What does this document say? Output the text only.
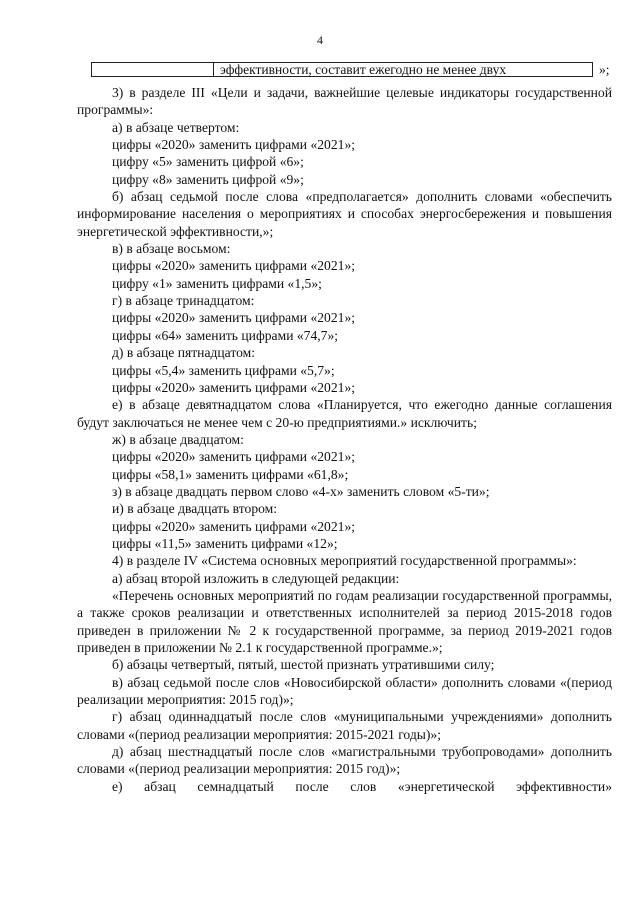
4
эффективности, составит ежегодно не менее двух	»;

3) в разделе III «Цели и задачи, важнейшие целевые индикаторы государственной программы»:

а) в абзаце четвертом:

цифры «2020» заменить цифрами «2021»;

цифру «5» заменить цифрой «6»;

цифру «8» заменить цифрой «9»;

б) абзац седьмой после слова «предполагается» дополнить словами «обеспечить информирование населения о мероприятиях и способах энергосбережения и повышения энергетической эффективности,»;

в) в абзаце восьмом:

цифры «2020» заменить цифрами «2021»;

цифру «1» заменить цифрами «1,5»;

г) в абзаце тринадцатом:

цифры «2020» заменить цифрами «2021»;

цифры «64» заменить цифрами «74,7»;

д) в абзаце пятнадцатом:

цифры «5,4» заменить цифрами «5,7»;

цифры «2020» заменить цифрами «2021»;

е) в абзаце девятнадцатом слова «Планируется, что ежегодно данные соглашения будут заключаться не менее чем с 20-ю предприятиями.» исключить;

ж) в абзаце двадцатом:

цифры «2020» заменить цифрами «2021»;

цифры «58,1» заменить цифрами «61,8»;

з) в абзаце двадцать первом слово «4-х» заменить словом «5-ти»;

и) в абзаце двадцать втором:

цифры «2020» заменить цифрами «2021»;

цифры «11,5» заменить цифрами «12»;

4) в разделе IV «Система основных мероприятий государственной программы»:

а) абзац второй изложить в следующей редакции:

«Перечень основных мероприятий по годам реализации государственной программы, а также сроков реализации и ответственных исполнителей за период 2015-2018 годов приведен в приложении № 2 к государственной программе, за период 2019-2021 годов приведен в приложении № 2.1 к государственной программе.»;

б) абзацы четвертый, пятый, шестой признать утратившими силу;

в) абзац седьмой после слов «Новосибирской области» дополнить словами «(период реализации мероприятия: 2015 год)»;

г) абзац одиннадцатый после слов «муниципальными учреждениями» дополнить словами «(период реализации мероприятия: 2015-2021 годы)»;

д) абзац шестнадцатый после слов «магистральными трубопроводами» дополнить словами «(период реализации мероприятия: 2015 год)»;

е) абзац семнадцатый после слов «энергетической эффективности»
